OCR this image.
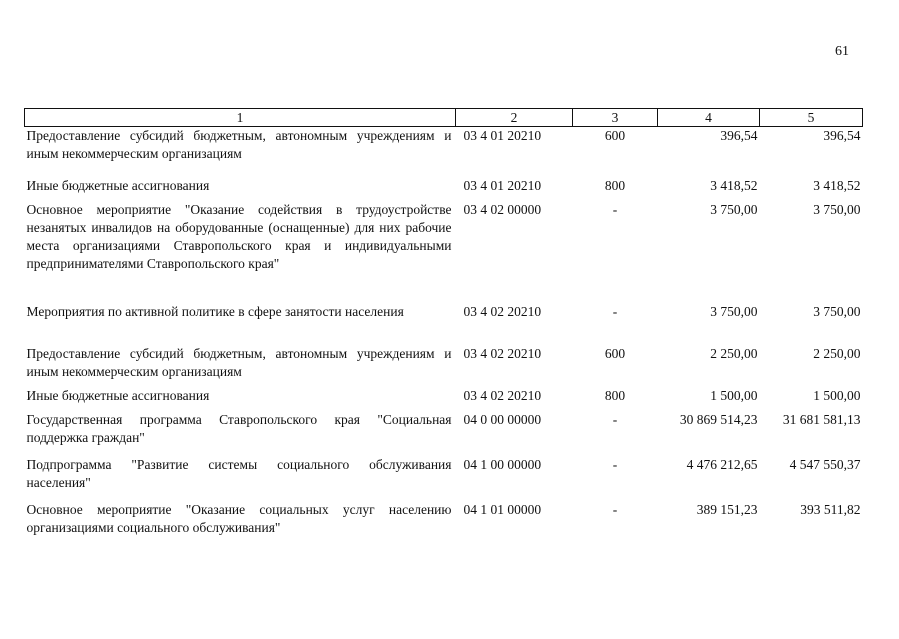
61
1	2	3	4	5
Предоставление субсидий бюджетным, автономным учреждениям и иным некоммерческим организациям	03 4 01 20210	600	396,54	396,54
Иные бюджетные ассигнования	03 4 01 20210	800	3 418,52	3 418,52
Основное мероприятие "Оказание содействия в трудоустройстве незанятых инвалидов на оборудованные (оснащенные) для них рабочие места организациями Ставропольского края и индивидуальными предпринимателями Ставропольского края"	03 4 02 00000	-	3 750,00	3 750,00
Мероприятия по активной политике в сфере занятости населения	03 4 02 20210	-	3 750,00	3 750,00
Предоставление субсидий бюджетным, автономным учреждениям и иным некоммерческим организациям	03 4 02 20210	600	2 250,00	2 250,00
Иные бюджетные ассигнования	03 4 02 20210	800	1 500,00	1 500,00
Государственная программа Ставропольского края "Социальная поддержка граждан"	04 0 00 00000	-	30 869 514,23	31 681 581,13
Подпрограмма "Развитие системы социального обслуживания населения"	04 1 00 00000	-	4 476 212,65	4 547 550,37
Основное мероприятие "Оказание социальных услуг населению организациями социального обслуживания"	04 1 01 00000	-	389 151,23	393 511,82
